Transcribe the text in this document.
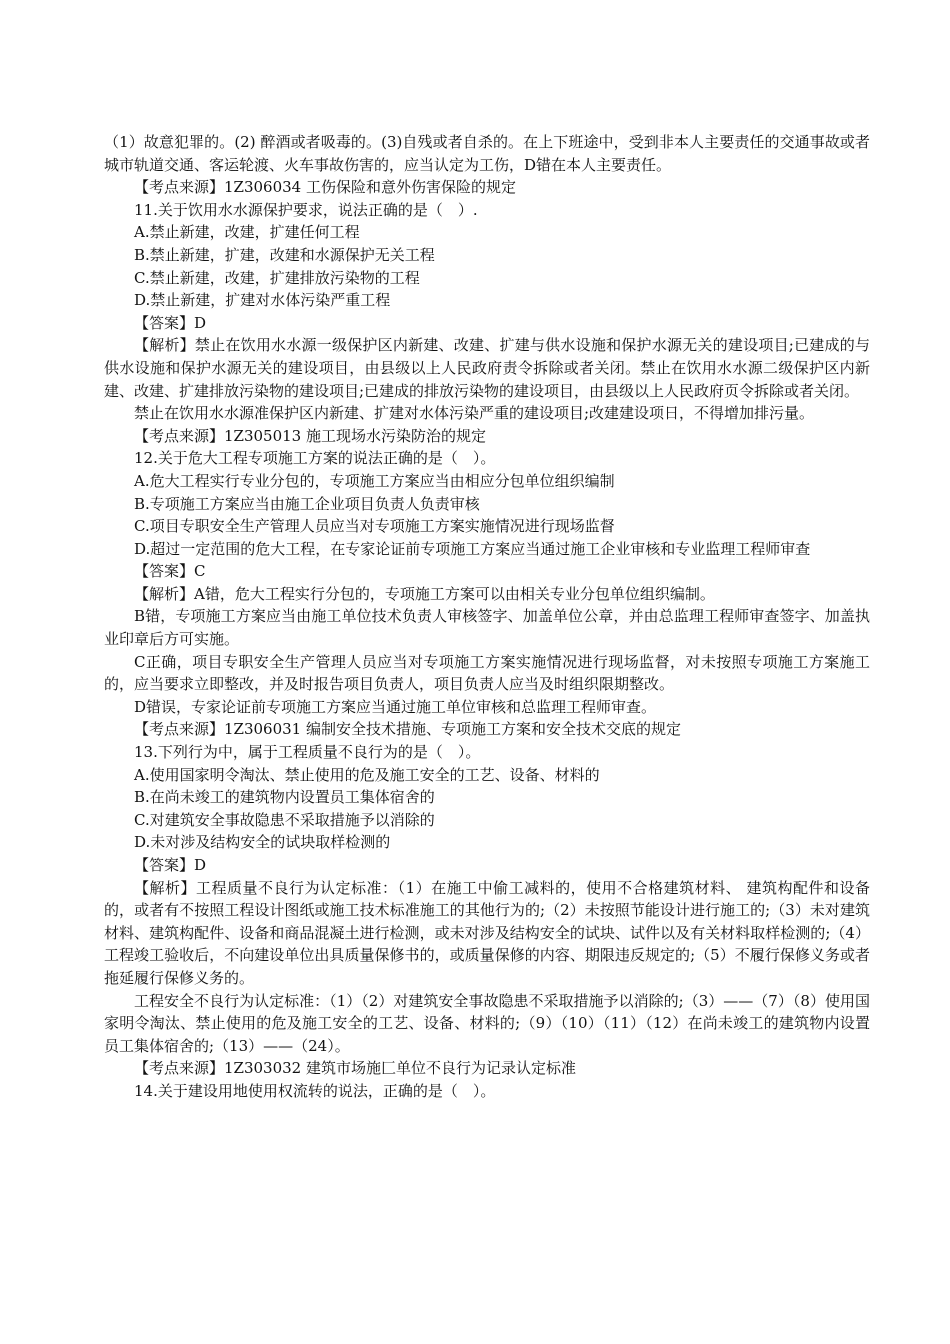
（1）故意犯罪的。(2) 醉酒或者吸毒的。(3)自残或者自杀的。在上下班途中，受到非本人主要责任的交通事故或者城市轨道交通、客运轮渡、火车事故伤害的，应当认定为工伤，D错在本人主要责任。

【考点来源】1Z306034 工伤保险和意外伤害保险的规定

11.关于饮用水水源保护要求，说法正确的是（　）.

A.禁止新建，改建，扩建任何工程

B.禁止新建，扩建，改建和水源保护无关工程

C.禁止新建，改建，扩建排放污染物的工程

D.禁止新建，扩建对水体污染严重工程

【答案】D

【解析】禁止在饮用水水源一级保护区内新建、改建、扩建与供水设施和保护水源无关的建设项目;已建成的与供水设施和保护水源无关的建设项目，由县级以上人民政府责令拆除或者关闭。禁止在饮用水水源二级保护区内新建、改建、扩建排放污染物的建设项目;已建成的排放污染物的建设项目，由县级以上人民政府页令拆除或者关闭。

禁止在饮用水水源准保护区内新建、扩建对水体污染严重的建设项目;改建建设项日，不得增加排污量。

【考点来源】1Z305013 施工现场水污染防治的规定

12.关于危大工程专项施工方案的说法正确的是（　）。

A.危大工程实行专业分包的，专项施工方案应当由相应分包单位组织编制

B.专项施工方案应当由施工企业项目负责人负责审核

C.项目专职安全生产管理人员应当对专项施工方案实施情况进行现场监督

D.超过一定范围的危大工程，在专家论证前专项施工方案应当通过施工企业审核和专业监理工程师审查

【答案】C

【解析】A错，危大工程实行分包的，专项施工方案可以由相关专业分包单位组织编制。

B错，专项施工方案应当由施工单位技术负责人审核签字、加盖单位公章，并由总监理工程师审查签字、加盖执业印章后方可实施。

C正确，项目专职安全生产管理人员应当对专项施工方案实施情况进行现场监督，对未按照专项施工方案施工的，应当要求立即整改，并及时报告项目负责人，项目负责人应当及时组织限期整改。

D错误，专家论证前专项施工方案应当通过施工单位审核和总监理工程师审查。

【考点来源】1Z306031 编制安全技术措施、专项施工方案和安全技术交底的规定

13.下列行为中，属于工程质量不良行为的是（　）。

A.使用国家明令淘汰、禁止使用的危及施工安全的工艺、设备、材料的

B.在尚未竣工的建筑物内设置员工集体宿舍的

C.对建筑安全事故隐患不采取措施予以消除的

D.未对涉及结构安全的试块取样检测的

【答案】D

【解析】工程质量不良行为认定标准：（1）在施工中偷工减料的，使用不合格建筑材料、 建筑构配件和设备的，或者有不按照工程设计图纸或施工技术标准施工的其他行为的;（2）未按照节能设计进行施工的;（3）未对建筑材料、建筑构配件、设备和商品混凝土进行检测，或未对涉及结构安全的试块、试件以及有关材料取样检测的;（4）工程竣工验收后，不向建设单位出具质量保修书的，或质量保修的内容、期限违反规定的;（5）不履行保修义务或者拖延履行保修义务的。

工程安全不良行为认定标准：（1）（2）对建筑安全事故隐患不采取措施予以消除的;（3）——（7）（8）使用国家明令淘汰、禁止使用的危及施工安全的工艺、设备、材料的;（9）（10）（11）（12）在尚未竣工的建筑物内设置员工集体宿舍的;（13）——（24）。

【考点来源】1Z303032 建筑市场施匚单位不良行为记录认定标准

14.关于建设用地使用权流转的说法，正确的是（　）。
